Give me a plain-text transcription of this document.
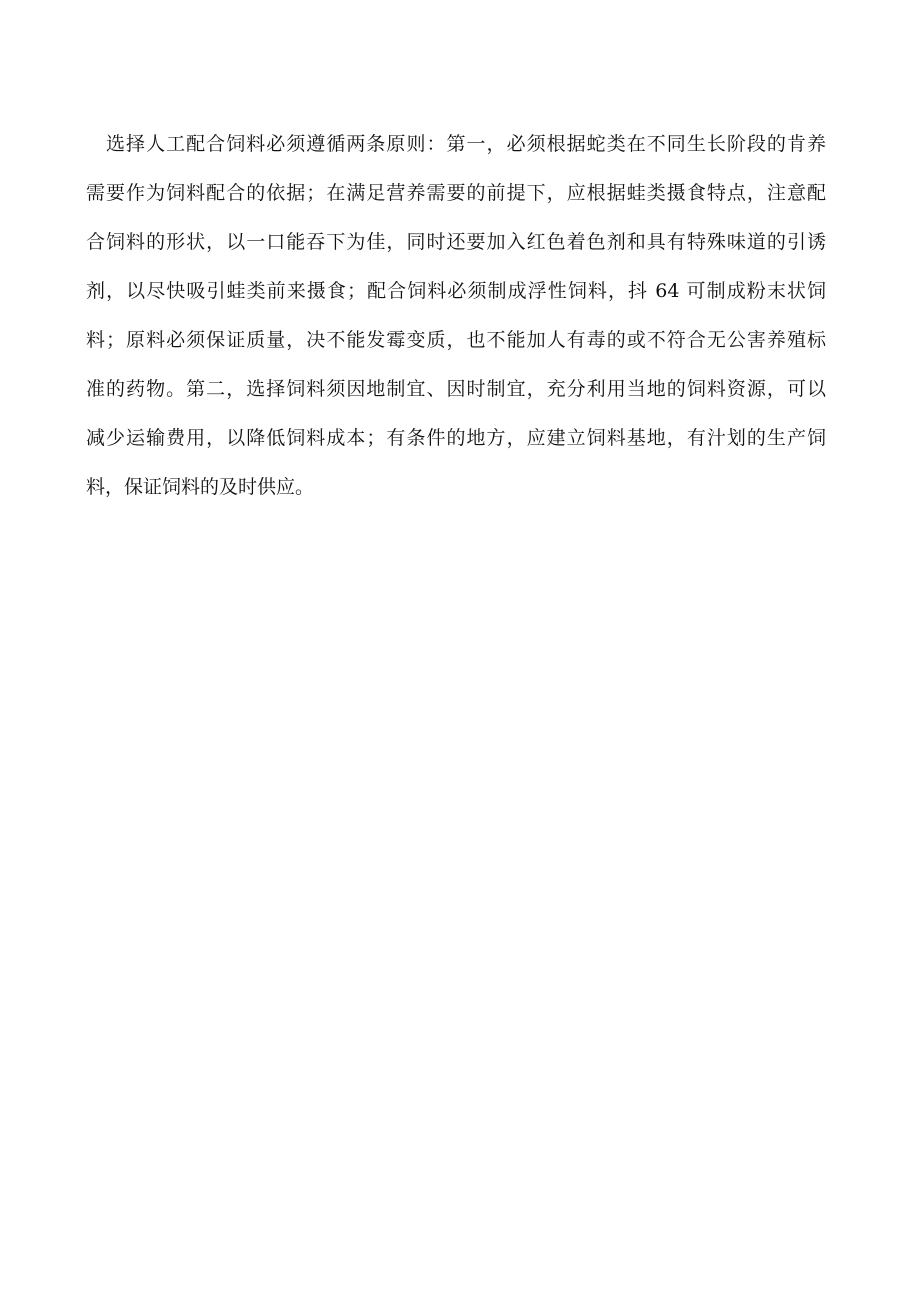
　选择人工配合饲料必须遵循两条原则：第一，必须根据蛇类在不同生长阶段的肯养
需要作为饲料配合的依据；在满足营养需要的前提下，应根据蛙类摄食特点，注意配
合饲料的形状，以一口能吞下为佳，同时还要加入红色着色剂和具有特殊味道的引诱
剂，以尽快吸引蛙类前来摄食；配合饲料必须制成浮性饲料，抖 64 可制成粉末状饲
料；原料必须保证质量，决不能发霉变质，也不能加人有毒的或不符合无公害养殖标
准的药物。第二，选择饲料须因地制宜、因时制宜，充分利用当地的饲料资源，可以
减少运输费用，以降低饲料成本；有条件的地方，应建立饲料基地，有汁划的生产饲
料，保证饲料的及时供应。
